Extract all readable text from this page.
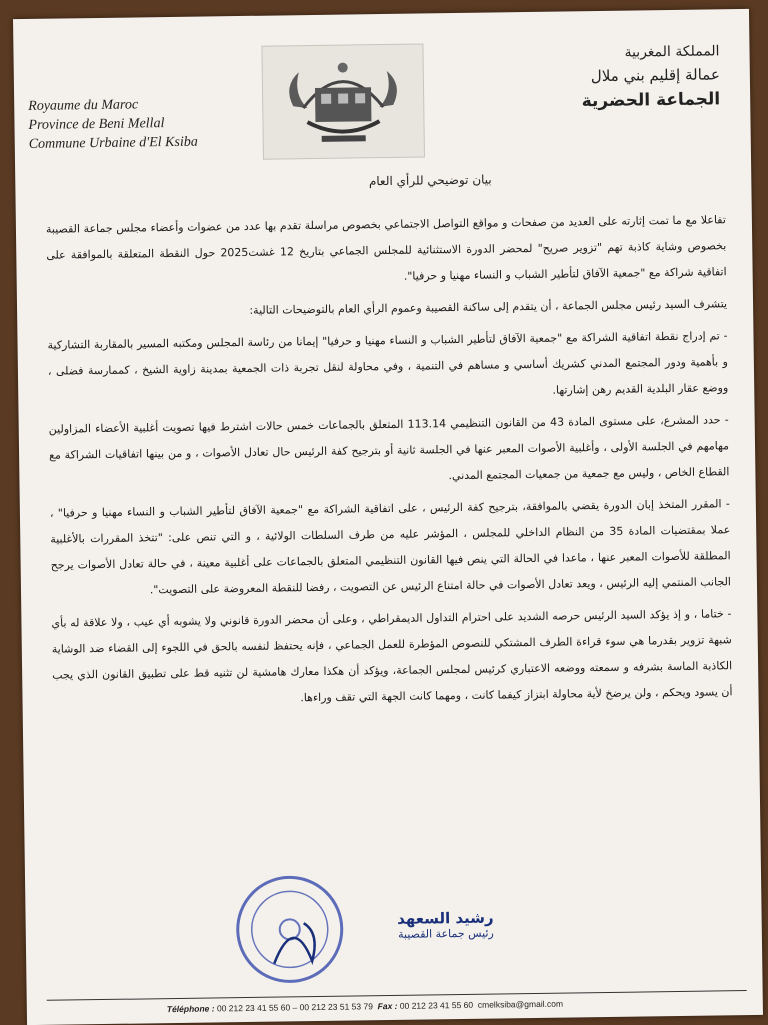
Royaume du Maroc
Province de Beni Mellal
Commune Urbaine d'El Ksiba
المملكة المغربية
عمالة إقليم بني ملال
الجماعة الحضرية
بيان توضيحي للرأي العام

تفاعلا مع ما تمت إثارته على العديد من صفحات و مواقع التواصل الاجتماعي بخصوص مراسلة تقدم بها عدد من عضوات وأعضاء مجلس جماعة القصيبة بخصوص وشاية كاذبة تهم "تزوير صريح" لمحضر الدورة الاستثنائية للمجلس الجماعي بتاريخ 12 غشت2025 حول النقطة المتعلقة بالموافقة على اتفاقية شراكة مع "جمعية الآفاق لتأطير الشباب و النساء مهنيا و حرفيا".

يتشرف السيد رئيس مجلس الجماعة ، أن يتقدم إلى ساكنة القصيبة وعموم الرأي العام بالتوضيحات التالية:

- تم إدراج نقطة اتفاقية الشراكة مع "جمعية الآفاق لتأطير الشباب و النساء مهنيا و حرفيا" إيمانا من رئاسة المجلس ومكتبه المسير بالمقاربة التشاركية و بأهمية ودور المجتمع المدني كشريك أساسي و مساهم في التنمية ، وفي محاولة لنقل تجربة ذات الجمعية بمدينة زاوية الشيخ ، كممارسة فضلى ، ووضع عقار البلدية القديم رهن إشارتها.

- حدد المشرع، على مستوى المادة 43 من القانون التنظيمي 113.14 المتعلق بالجماعات خمس حالات اشترط فيها تصويت أغلبية الأعضاء المزاولين مهامهم في الجلسة الأولى ، وأغلبية الأصوات المعبر عنها في الجلسة ثانية أو بترجيح كفة الرئيس حال تعادل الأصوات ، و من بينها اتفاقيات الشراكة مع القطاع الخاص ، وليس مع جمعية من جمعيات المجتمع المدني.

- المقرر المتخذ إبان الدورة يقضي بالموافقة، بترجيح كفة الرئيس ، على اتفاقية الشراكة مع "جمعية الآفاق لتأطير الشباب و النساء مهنيا و حرفيا" ، عملا بمقتضيات المادة 35 من النظام الداخلي للمجلس ، المؤشر عليه من طرف السلطات الولائية ، و التي تنص على: "تتخذ المقررات بالأغلبية المطلقة للأصوات المعبر عنها ، ماعدا في الحالة التي ينص فيها القانون التنظيمي المتعلق بالجماعات على أغلبية معينة ، في حالة تعادل الأصوات يرجح الجانب المنتمي إليه الرئيس ، ويعد تعادل الأصوات في حالة امتناع الرئيس عن التصويت ، رفضا للنقطة المعروضة على التصويت".

- ختاما ، و إذ يؤكد السيد الرئيس حرصه الشديد على احترام التداول الديمقراطي ، وعلى أن محضر الدورة قانوني ولا يشوبه أي عيب ، ولا علاقة له بأي شبهة تزوير بقدرما هي سوء قراءة الطرف المشتكي للنصوص المؤطرة للعمل الجماعي ، فإنه يحتفظ لنفسه بالحق في اللجوء إلى القضاء ضد الوشاية الكاذبة الماسة بشرفه و سمعته ووضعه الاعتباري كرئيس لمجلس الجماعة، ويؤكد أن هكذا معارك هامشية لن تثنيه قط على تطبيق القانون الذي يجب أن يسود ويحكم ، ولن يرضخ لأية محاولة ابتزاز كيفما كانت ، ومهما كانت الجهة التي تقف وراءها.

رشيد السعهد
رئيس جماعة القصيبة
Téléphone : 00 212 23 41 55 60 – 00 212 23 51 53 79 Fax : 00 212 23 41 55 60 cmelksiba@gmail.com
